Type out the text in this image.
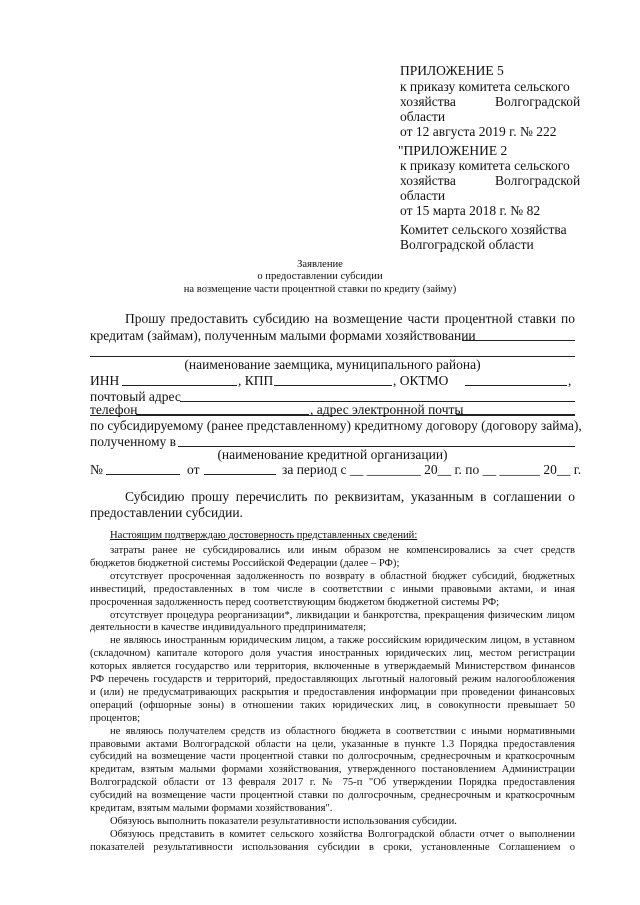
ПРИЛОЖЕНИЕ 5
к приказу комитета сельского
хозяйства	Волгоградской
области
от 12 августа 2019 г. № 222
"ПРИЛОЖЕНИЕ 2
к приказу комитета сельского
хозяйства	Волгоградской
области
от 15 марта 2018 г. № 82
Комитет сельского хозяйства
Волгоградской области
Заявление
о предоставлении субсидии
на возмещение части процентной ставки по кредиту (займу)
Прошу предоставить субсидию на возмещение части процентной ставки по
кредитам (займам), полученным малыми формами хозяйствовании
(наименование заемщика, муниципального района)
ИНН	, КПП	, ОКТМО	,
почтовый адрес
телефон	, адрес электронной почты
по субсидируемому (ранее представленному) кредитному договору (договору займа),
полученному в
(наименование кредитной организации)
№	от	за период с __ ________ 20__ г. по __ ______ 20__ г.
Субсидию прошу перечислить по реквизитам, указанным в соглашении о
предоставлении субсидии.
Настоящим подтверждаю достоверность представленных сведений:
затраты ранее не субсидировались или иным образом не компенсировались за счет средств
бюджетов бюджетной системы Российской Федерации (далее – РФ);
отсутствует просроченная задолженность по возврату в областной бюджет субсидий, бюджетных
инвестиций, предоставленных в том числе в соответствии с иными правовыми актами, и иная
просроченная задолженность перед соответствующим бюджетом бюджетной системы РФ;
отсутствует процедура реорганизации*, ликвидации и банкротства, прекращения физическим лицом
деятельности в качестве индивидуального предпринимателя;
не являюсь иностранным юридическим лицом, а также российским юридическим лицом, в уставном
(складочном) капитале которого доля участия иностранных юридических лиц, местом регистрации
которых является государство или территория, включенные в утверждаемый Министерством финансов
РФ перечень государств и территорий, предоставляющих льготный налоговый режим налогообложения
и (или) не предусматривающих раскрытия и предоставления информации при проведении финансовых
операций (офшорные зоны) в отношении таких юридических лиц, в совокупности превышает 50
процентов;
не являюсь получателем средств из областного бюджета в соответствии с иными нормативными
правовыми актами Волгоградской области на цели, указанные в пункте 1.3 Порядка предоставления
субсидий на возмещение части процентной ставки по долгосрочным, среднесрочным и краткосрочным
кредитам, взятым малыми формами хозяйствования, утвержденного постановлением Администрации
Волгоградской области от 13 февраля 2017 г. № 75-п "Об утверждении Порядка предоставления
субсидий на возмещение части процентной ставки по долгосрочным, среднесрочным и краткосрочным
кредитам, взятым малыми формами хозяйствования".
Обязуюсь выполнить показатели результативности использования субсидии.
Обязуюсь представить в комитет сельского хозяйства Волгоградской области отчет о выполнении
показателей результативности использования субсидии в сроки, установленные Соглашением о
